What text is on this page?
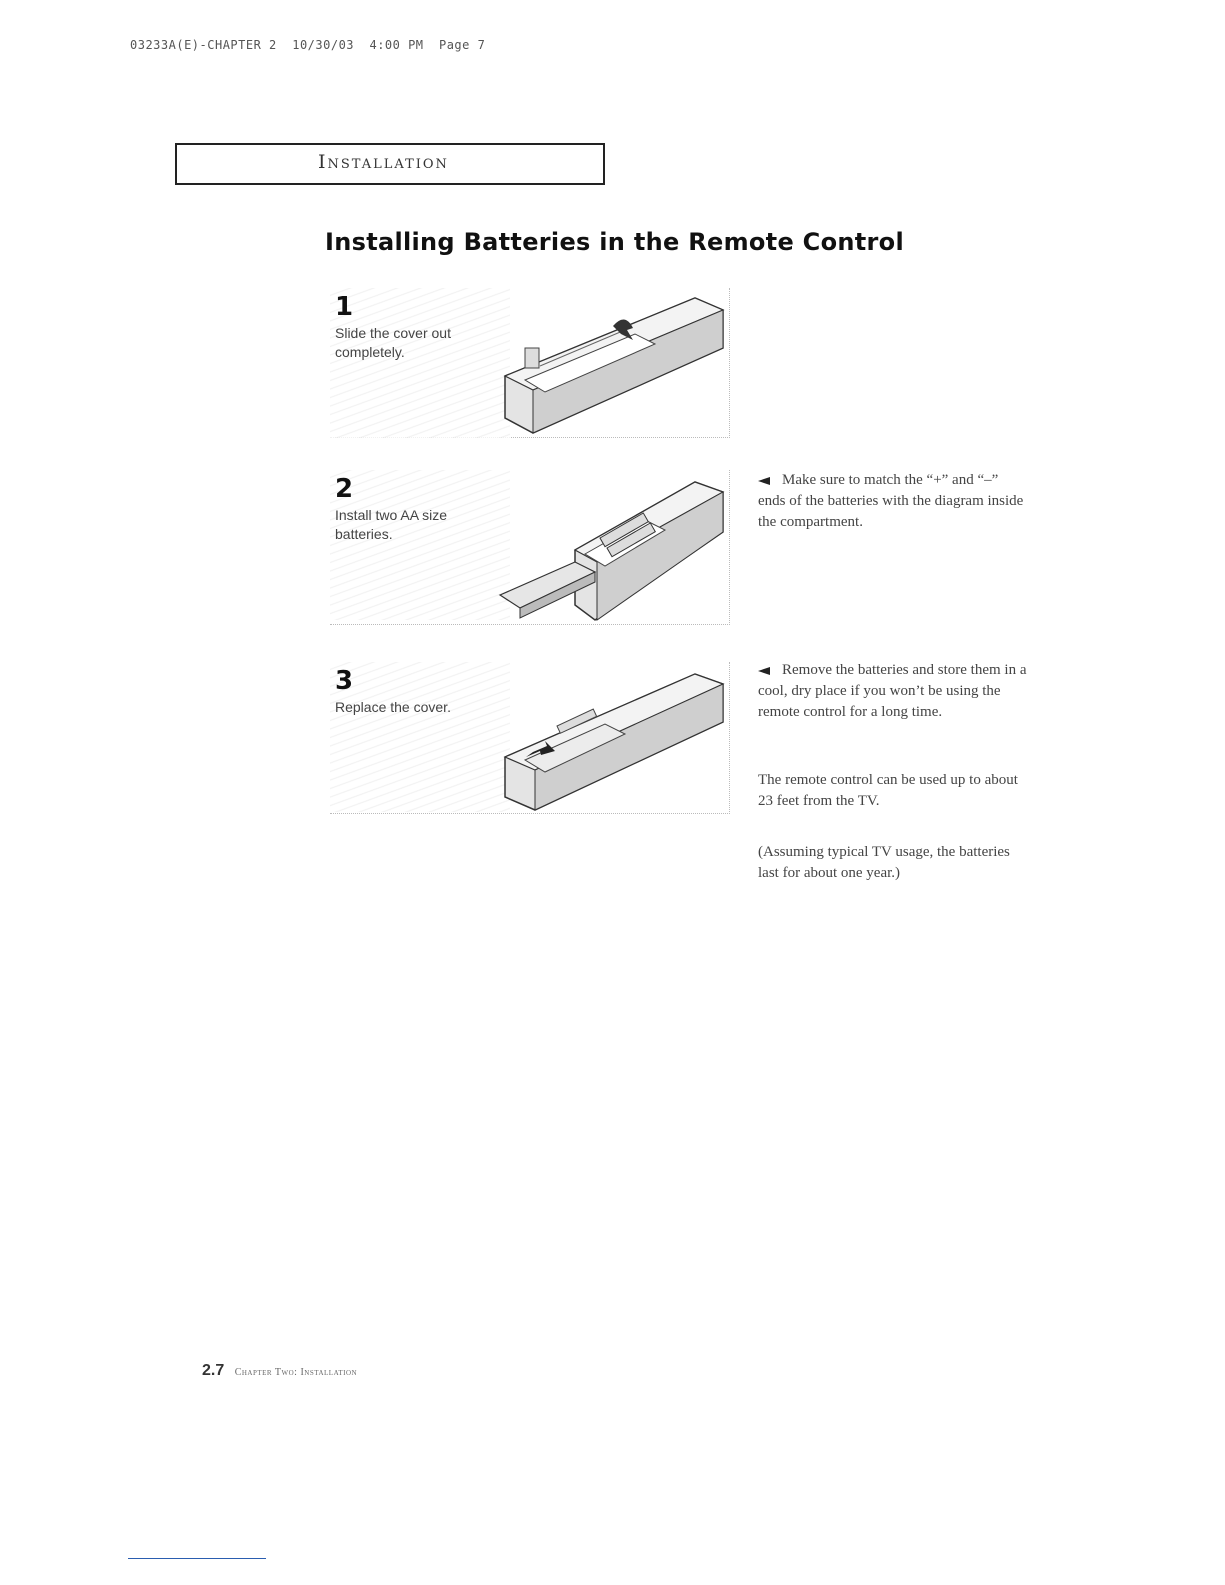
03233A(E)-CHAPTER 2  10/30/03  4:00 PM  Page 7
Installation
Installing Batteries in the Remote Control
1
Slide the cover out completely.
2
Install two AA size batteries.
3
Replace the cover.
Make sure to match the “+” and “–” ends of the batteries with the diagram inside the compartment.
Remove the batteries and store them in a cool, dry place if you won’t be using the remote control for a long time.
The remote control can be used up to about 23 feet from the TV.
(Assuming typical TV usage, the batteries last for about one year.)
2.7 Chapter Two: Installation
